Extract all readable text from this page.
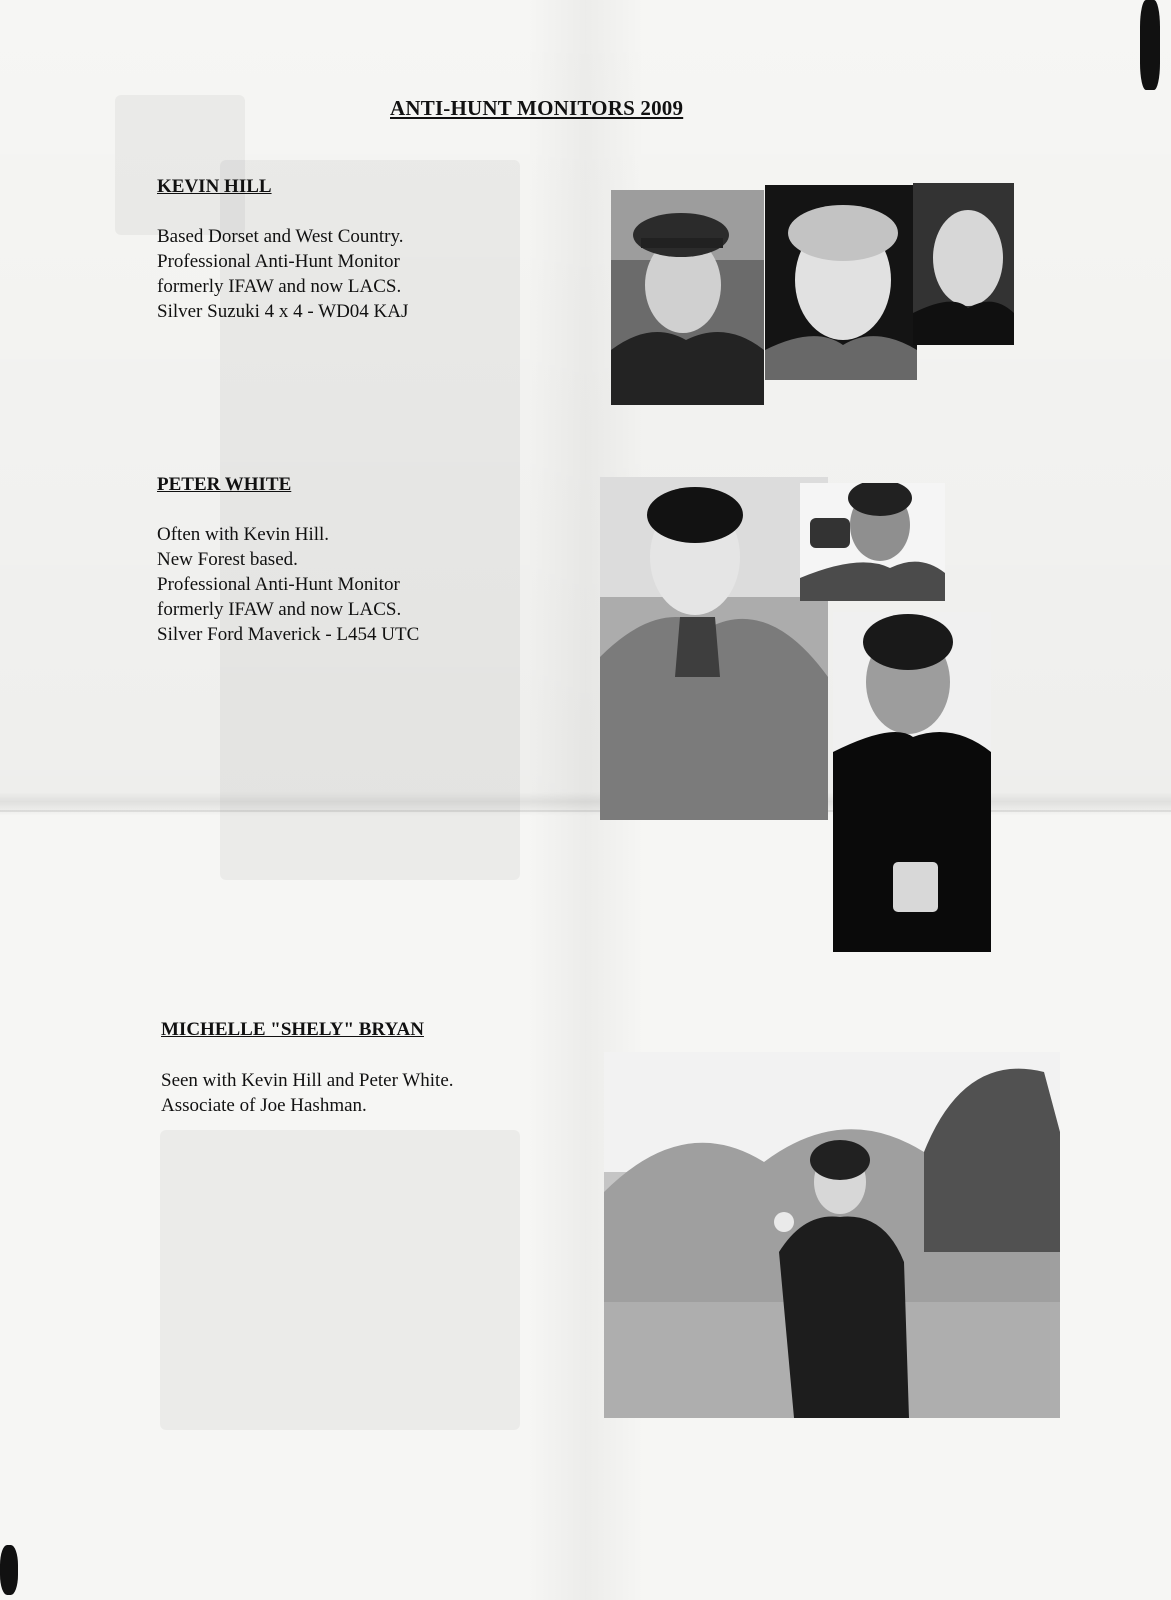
ANTI-HUNT MONITORS 2009
KEVIN HILL
Based Dorset and West Country.
Professional Anti-Hunt Monitor
formerly IFAW and now LACS.
Silver Suzuki 4 x 4 - WD04 KAJ
PETER WHITE
Often with Kevin Hill.
New Forest based.
Professional Anti-Hunt Monitor
formerly IFAW and now LACS.
Silver Ford Maverick - L454 UTC
MICHELLE "SHELY" BRYAN
Seen with Kevin Hill and Peter White.
Associate of Joe Hashman.
